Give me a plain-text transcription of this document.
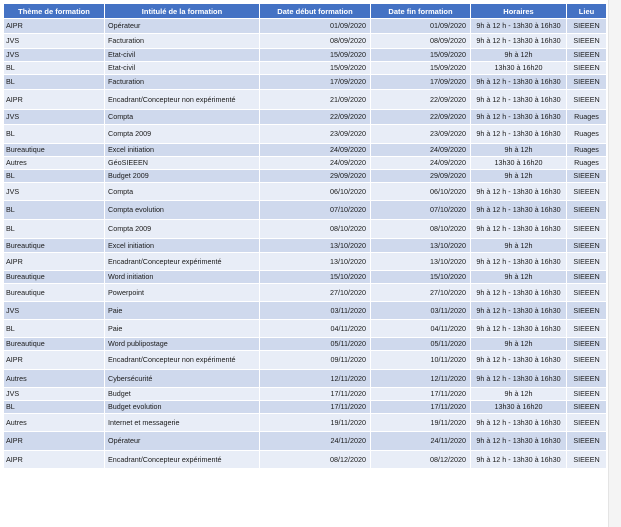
Thème de formation	Intitulé de la formation	Date début formation	Date fin formation	Horaires	Lieu
AIPR	Opérateur	01/09/2020	01/09/2020	9h à 12 h - 13h30 à 16h30	SIEEEN
JVS	Facturation	08/09/2020	08/09/2020	9h à 12 h - 13h30 à 16h30	SIEEEN
JVS	Etat-civil	15/09/2020	15/09/2020	9h à 12h	SIEEEN
BL	Etat-civil	15/09/2020	15/09/2020	13h30 à 16h20	SIEEEN
BL	Facturation	17/09/2020	17/09/2020	9h à 12 h - 13h30 à 16h30	SIEEEN
AIPR	Encadrant/Concepteur non expérimenté	21/09/2020	22/09/2020	9h à 12 h - 13h30 à 16h30	SIEEEN
JVS	Compta	22/09/2020	22/09/2020	9h à 12 h - 13h30 à 16h30	Ruages
BL	Compta 2009	23/09/2020	23/09/2020	9h à 12 h - 13h30 à 16h30	Ruages
Bureautique	Excel initiation	24/09/2020	24/09/2020	9h à 12h	Ruages
Autres	GéoSIEEEN	24/09/2020	24/09/2020	13h30 à 16h20	Ruages
BL	Budget 2009	29/09/2020	29/09/2020	9h à 12h	SIEEEN
JVS	Compta	06/10/2020	06/10/2020	9h à 12 h - 13h30 à 16h30	SIEEEN
BL	Compta evolution	07/10/2020	07/10/2020	9h à 12 h - 13h30 à 16h30	SIEEEN
BL	Compta 2009	08/10/2020	08/10/2020	9h à 12 h - 13h30 à 16h30	SIEEEN
Bureautique	Excel initiation	13/10/2020	13/10/2020	9h à 12h	SIEEEN
AIPR	Encadrant/Concepteur expérimenté	13/10/2020	13/10/2020	9h à 12 h - 13h30 à 16h30	SIEEEN
Bureautique	Word initiation	15/10/2020	15/10/2020	9h à 12h	SIEEEN
Bureautique	Powerpoint	27/10/2020	27/10/2020	9h à 12 h - 13h30 à 16h30	SIEEEN
JVS	Paie	03/11/2020	03/11/2020	9h à 12 h - 13h30 à 16h30	SIEEEN
BL	Paie	04/11/2020	04/11/2020	9h à 12 h - 13h30 à 16h30	SIEEEN
Bureautique	Word publipostage	05/11/2020	05/11/2020	9h à 12h	SIEEEN
AIPR	Encadrant/Concepteur non expérimenté	09/11/2020	10/11/2020	9h à 12 h - 13h30 à 16h30	SIEEEN
Autres	Cybersécurité	12/11/2020	12/11/2020	9h à 12 h - 13h30 à 16h30	SIEEEN
JVS	Budget	17/11/2020	17/11/2020	9h à 12h	SIEEEN
BL	Budget evolution	17/11/2020	17/11/2020	13h30 à 16h20	SIEEEN
Autres	Internet et messagerie	19/11/2020	19/11/2020	9h à 12 h - 13h30 à 16h30	SIEEEN
AIPR	Opérateur	24/11/2020	24/11/2020	9h à 12 h - 13h30 à 16h30	SIEEEN
AIPR	Encadrant/Concepteur expérimenté	08/12/2020	08/12/2020	9h à 12 h - 13h30 à 16h30	SIEEEN
